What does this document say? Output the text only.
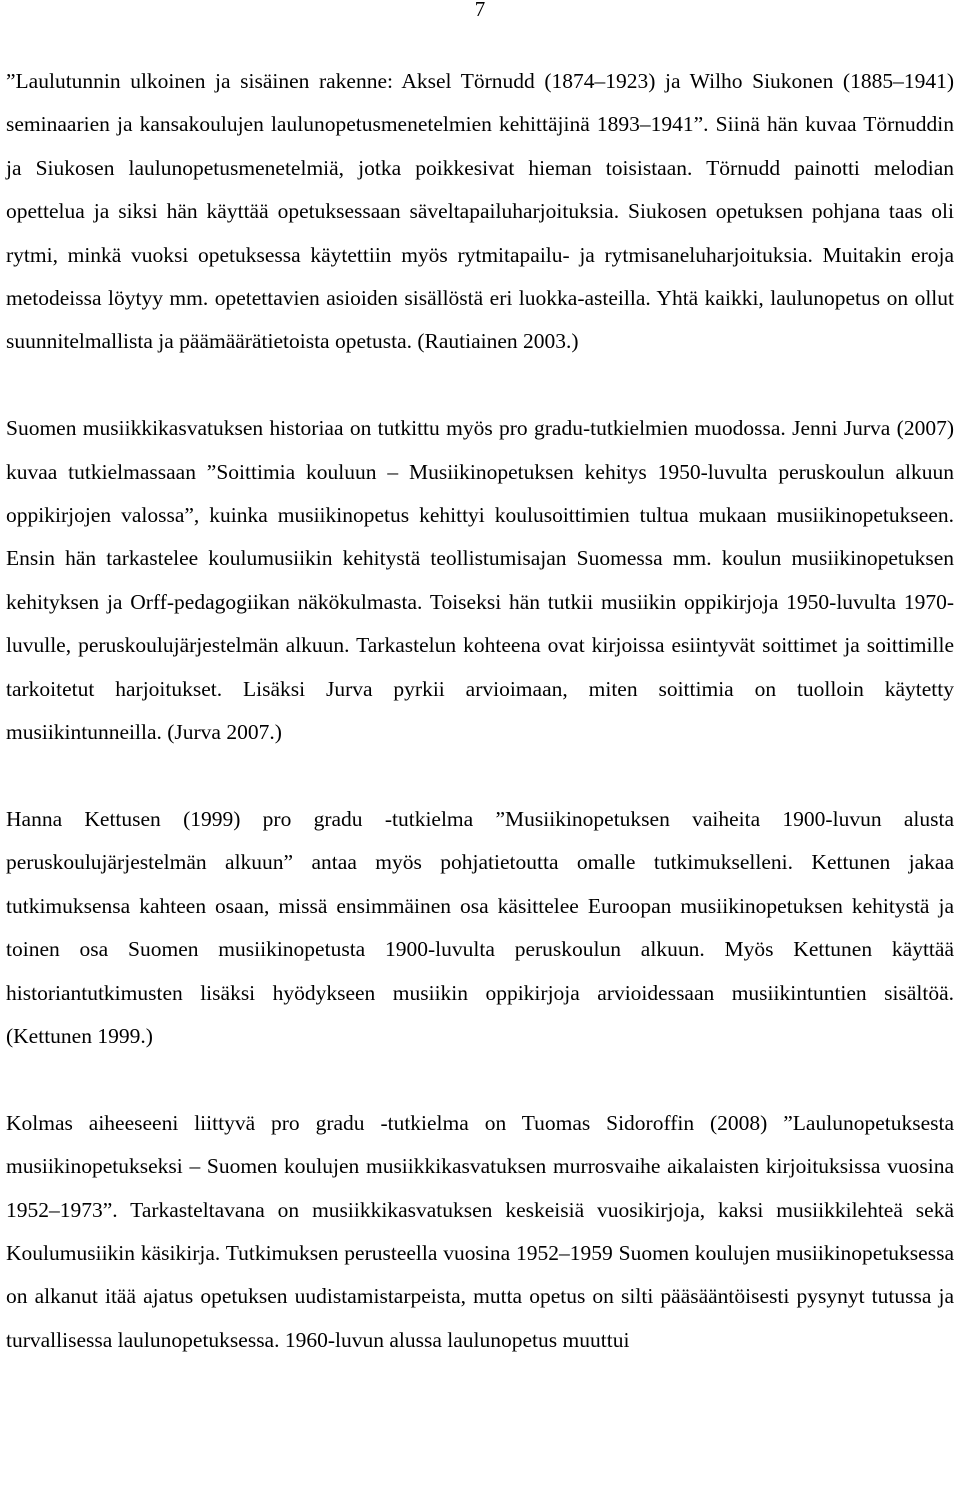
7

”Laulutunnin ulkoinen ja sisäinen rakenne: Aksel Törnudd (1874–1923) ja Wilho Siukonen (1885–1941) seminaarien ja kansakoulujen laulunopetusmenetelmien kehittäjinä 1893–1941”. Siinä hän kuvaa Törnuddin ja Siukosen laulunopetusmenetelmiä, jotka poikkesivat hieman toisistaan. Törnudd painotti melodian opettelua ja siksi hän käyttää opetuksessaan säveltapailuharjoituksia. Siukosen opetuksen pohjana taas oli rytmi, minkä vuoksi opetuksessa käytettiin myös rytmitapailu- ja rytmisaneluharjoituksia. Muitakin eroja metodeissa löytyy mm. opetettavien asioiden sisällöstä eri luokka-asteilla. Yhtä kaikki, laulunopetus on ollut suunnitelmallista ja päämäärätietoista opetusta. (Rautiainen 2003.)

Suomen musiikkikasvatuksen historiaa on tutkittu myös pro gradu-tutkielmien muodossa. Jenni Jurva (2007) kuvaa tutkielmassaan ”Soittimia kouluun – Musiikinopetuksen kehitys 1950-luvulta peruskoulun alkuun oppikirjojen valossa”, kuinka musiikinopetus kehittyi koulusoittimien tultua mukaan musiikinopetukseen. Ensin hän tarkastelee koulumusiikin kehitystä teollistumisajan Suomessa mm. koulun musiikinopetuksen kehityksen ja Orff-pedagogiikan näkökulmasta. Toiseksi hän tutkii musiikin oppikirjoja 1950-luvulta 1970-luvulle, peruskoulujärjestelmän alkuun. Tarkastelun kohteena ovat kirjoissa esiintyvät soittimet ja soittimille tarkoitetut harjoitukset. Lisäksi Jurva pyrkii arvioimaan, miten soittimia on tuolloin käytetty musiikintunneilla. (Jurva 2007.)

Hanna Kettusen (1999) pro gradu -tutkielma ”Musiikinopetuksen vaiheita 1900-luvun alusta peruskoulujärjestelmän alkuun” antaa myös pohjatietoutta omalle tutkimukselleni. Kettunen jakaa tutkimuksensa kahteen osaan, missä ensimmäinen osa käsittelee Euroopan musiikinopetuksen kehitystä ja toinen osa Suomen musiikinopetusta 1900-luvulta peruskoulun alkuun. Myös Kettunen käyttää historiantutkimusten lisäksi hyödykseen musiikin oppikirjoja arvioidessaan musiikintuntien sisältöä. (Kettunen 1999.)

Kolmas aiheeseeni liittyvä pro gradu -tutkielma on Tuomas Sidoroffin (2008) ”Laulunopetuksesta musiikinopetukseksi – Suomen koulujen musiikkikasvatuksen murrosvaihe aikalaisten kirjoituksissa vuosina 1952–1973”. Tarkasteltavana on musiikkikasvatuksen keskeisiä vuosikirjoja, kaksi musiikkilehteä sekä Koulumusiikin käsikirja. Tutkimuksen perusteella vuosina 1952–1959 Suomen koulujen musiikinopetuksessa on alkanut itää ajatus opetuksen uudistamistarpeista, mutta opetus on silti pääsääntöisesti pysynyt tutussa ja turvallisessa laulunopetuksessa. 1960-luvun alussa laulunopetus muuttui
